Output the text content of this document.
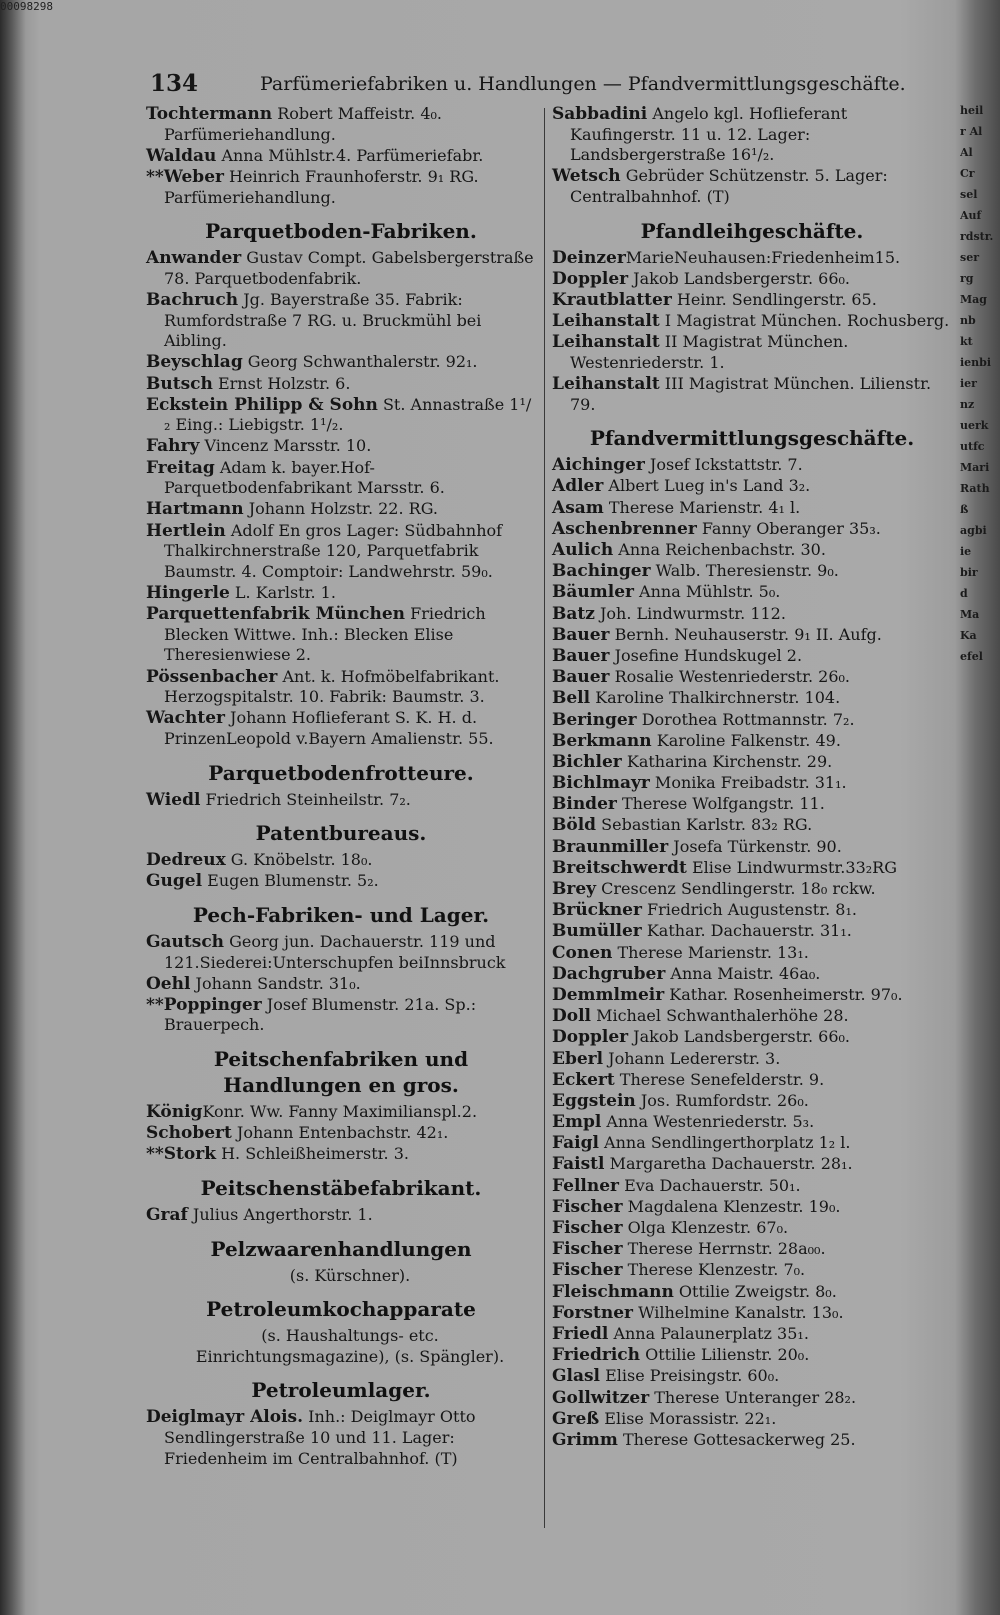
00098298
134	Parfümeriefabriken u. Handlungen — Pfandvermittlungsgeschäfte.
Tochtermann Robert Maffeistr. 4₀. Parfümeriehandlung.
Waldau Anna Mühlstr.4. Parfümeriefabr.
**Weber Heinrich Fraunhoferstr. 9₁ RG. Parfümeriehandlung.
Parquetboden-Fabriken.
Anwander Gustav Compt. Gabelsbergerstraße 78. Parquetbodenfabrik.
Bachruch Jg. Bayerstraße 35. Fabrik: Rumfordstraße 7 RG. u. Bruckmühl bei Aibling.
Beyschlag Georg Schwanthalerstr. 92₁.
Butsch Ernst Holzstr. 6.
Eckstein Philipp & Sohn St. Annastraße 1¹/₂ Eing.: Liebigstr. 1¹/₂.
Fahry Vincenz Marsstr. 10.
Freitag Adam k. bayer.Hof-Parquetbodenfabrikant Marsstr. 6.
Hartmann Johann Holzstr. 22. RG.
Hertlein Adolf En gros Lager: Südbahnhof Thalkirchnerstraße 120, Parquetfabrik Baumstr. 4. Comptoir: Landwehrstr. 59₀.
Hingerle L. Karlstr. 1.
Parquettenfabrik München Friedrich Blecken Wittwe. Inh.: Blecken Elise Theresienwiese 2.
Pössenbacher Ant. k. Hofmöbelfabrikant. Herzogspitalstr. 10. Fabrik: Baumstr. 3.
Wachter Johann Hoflieferant S. K. H. d. PrinzenLeopold v.Bayern Amalienstr. 55.
Parquetbodenfrotteure.
Wiedl Friedrich Steinheilstr. 7₂.
Patentbureaus.
Dedreux G. Knöbelstr. 18₀.
Gugel Eugen Blumenstr. 5₂.
Pech-Fabriken- und Lager.
Gautsch Georg jun. Dachauerstr. 119 und 121.Siederei:Unterschupfen beiInnsbruck
Oehl Johann Sandstr. 31₀.
**Poppinger Josef Blumenstr. 21a. Sp.: Brauerpech.
Peitschenfabriken und Handlungen en gros.
KönigKonr. Ww. Fanny Maximilianspl.2.
Schobert Johann Entenbachstr. 42₁.
**Stork H. Schleißheimerstr. 3.
Peitschenstäbefabrikant.
Graf Julius Angerthorstr. 1.
Pelzwaarenhandlungen
(s. Kürschner).
Petroleumkochapparate
(s. Haushaltungs- etc. Einrichtungsmagazine), (s. Spängler).
Petroleumlager.
Deiglmayr Alois. Inh.: Deiglmayr Otto Sendlingerstraße 10 und 11. Lager: Friedenheim im Centralbahnhof. (T)
Sabbadini Angelo kgl. Hoflieferant Kaufingerstr. 11 u. 12. Lager: Landsbergerstraße 16¹/₂.
Wetsch Gebrüder Schützenstr. 5. Lager: Centralbahnhof. (T)
Pfandleihgeschäfte.
DeinzerMarieNeuhausen:Friedenheim15.
Doppler Jakob Landsbergerstr. 66₀.
Krautblatter Heinr. Sendlingerstr. 65.
Leihanstalt I Magistrat München. Rochusberg.
Leihanstalt II Magistrat München. Westenriederstr. 1.
Leihanstalt III Magistrat München. Lilienstr. 79.
Pfandvermittlungsgeschäfte.
Aichinger Josef Ickstattstr. 7.
Adler Albert Lueg in's Land 3₂.
Asam Therese Marienstr. 4₁ l.
Aschenbrenner Fanny Oberanger 35₃.
Aulich Anna Reichenbachstr. 30.
Bachinger Walb. Theresienstr. 9₀.
Bäumler Anna Mühlstr. 5₀.
Batz Joh. Lindwurmstr. 112.
Bauer Bernh. Neuhauserstr. 9₁ II. Aufg.
Bauer Josefine Hundskugel 2.
Bauer Rosalie Westenriederstr. 26₀.
Bell Karoline Thalkirchnerstr. 104.
Beringer Dorothea Rottmannstr. 7₂.
Berkmann Karoline Falkenstr. 49.
Bichler Katharina Kirchenstr. 29.
Bichlmayr Monika Freibadstr. 31₁.
Binder Therese Wolfgangstr. 11.
Böld Sebastian Karlstr. 83₂ RG.
Braunmiller Josefa Türkenstr. 90.
Breitschwerdt Elise Lindwurmstr.33₂RG
Brey Crescenz Sendlingerstr. 18₀ rckw.
Brückner Friedrich Augustenstr. 8₁.
Bumüller Kathar. Dachauerstr. 31₁.
Conen Therese Marienstr. 13₁.
Dachgruber Anna Maistr. 46a₀.
Demmlmeir Kathar. Rosenheimerstr. 97₀.
Doll Michael Schwanthalerhöhe 28.
Doppler Jakob Landsbergerstr. 66₀.
Eberl Johann Ledererstr. 3.
Eckert Therese Senefelderstr. 9.
Eggstein Jos. Rumfordstr. 26₀.
Empl Anna Westenriederstr. 5₃.
Faigl Anna Sendlingerthorplatz 1₂ l.
Faistl Margaretha Dachauerstr. 28₁.
Fellner Eva Dachauerstr. 50₁.
Fischer Magdalena Klenzestr. 19₀.
Fischer Olga Klenzestr. 67₀.
Fischer Therese Herrnstr. 28a₀₀.
Fischer Therese Klenzestr. 7₀.
Fleischmann Ottilie Zweigstr. 8₀.
Forstner Wilhelmine Kanalstr. 13₀.
Friedl Anna Palaunerplatz 35₁.
Friedrich Ottilie Lilienstr. 20₀.
Glasl Elise Preisingstr. 60₀.
Gollwitzer Therese Unteranger 28₂.
Greß Elise Morassistr. 22₁.
Grimm Therese Gottesackerweg 25.
heil
r Al
Al
Cr
sel
Auf
rdstr.
ser
rg
Mag
nb
kt
ienbi
ier
nz
uerk
utfc
Mari
Rath
ß
agbi
ie
bir
d
Ma
Ka
efel
